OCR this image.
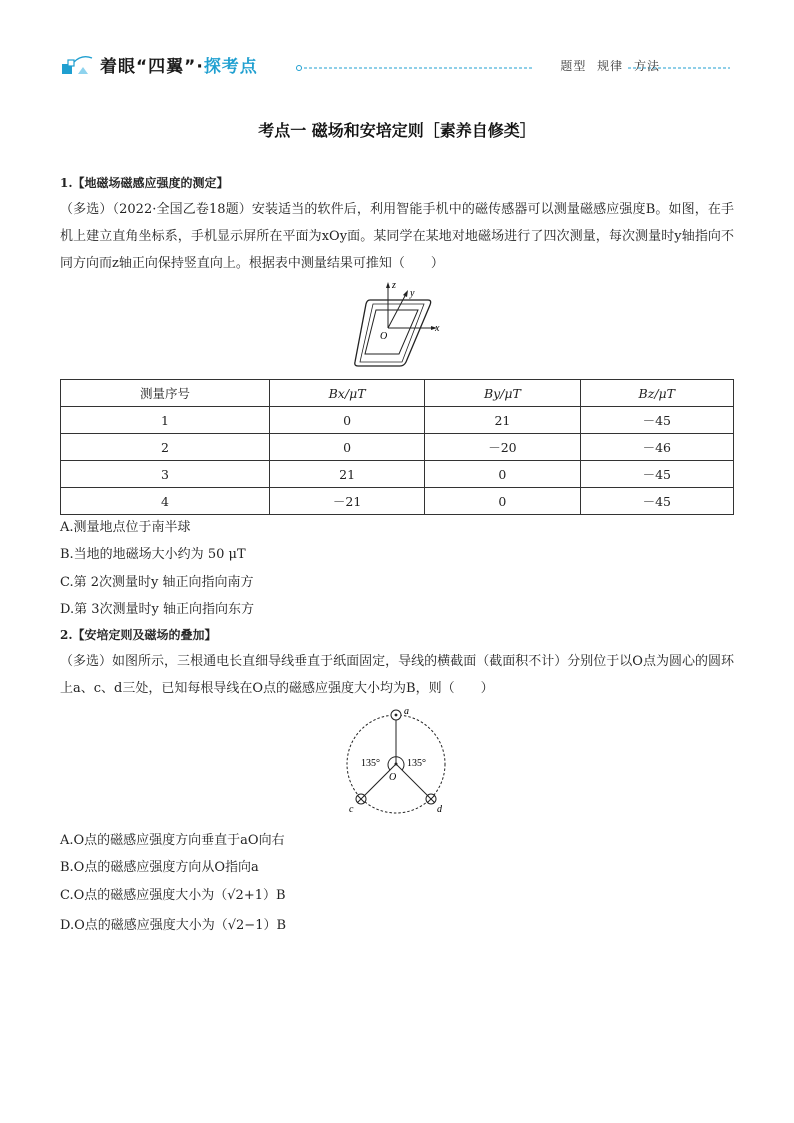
着眼“四翼”·探考点	题型 规律 方法
考点一 磁场和安培定则［素养自修类］
1.【地磁场磁感应强度的测定】
（多选）（2022·全国乙卷18题）安装适当的软件后，利用智能手机中的磁传感器可以测量磁感应强度B。如图，在手机上建立直角坐标系，手机显示屏所在平面为xOy面。某同学在某地对地磁场进行了四次测量，每次测量时y轴指向不同方向而z轴正向保持竖直向上。根据表中测量结果可推知（　　）
z
y
x
O
测量序号	Bx/μT	By/μT	Bz/μT
1	0	21	－45
2	0	－20	－46
3	21	0	－45
4	－21	0	－45
A.测量地点位于南半球
B.当地的地磁场大小约为 50 μT
C.第 2次测量时y 轴正向指向南方
D.第 3次测量时y 轴正向指向东方
2.【安培定则及磁场的叠加】
（多选）如图所示，三根通电长直细导线垂直于纸面固定，导线的横截面（截面积不计）分别位于以O点为圆心的圆环上a、c、d三处，已知每根导线在O点的磁感应强度大小均为B，则（　　）
a
c	d
O
135°	135°
A.O点的磁感应强度方向垂直于aO向右
B.O点的磁感应强度方向从O指向a
C.O点的磁感应强度大小为（√2+1）B
D.O点的磁感应强度大小为（√2−1）B
